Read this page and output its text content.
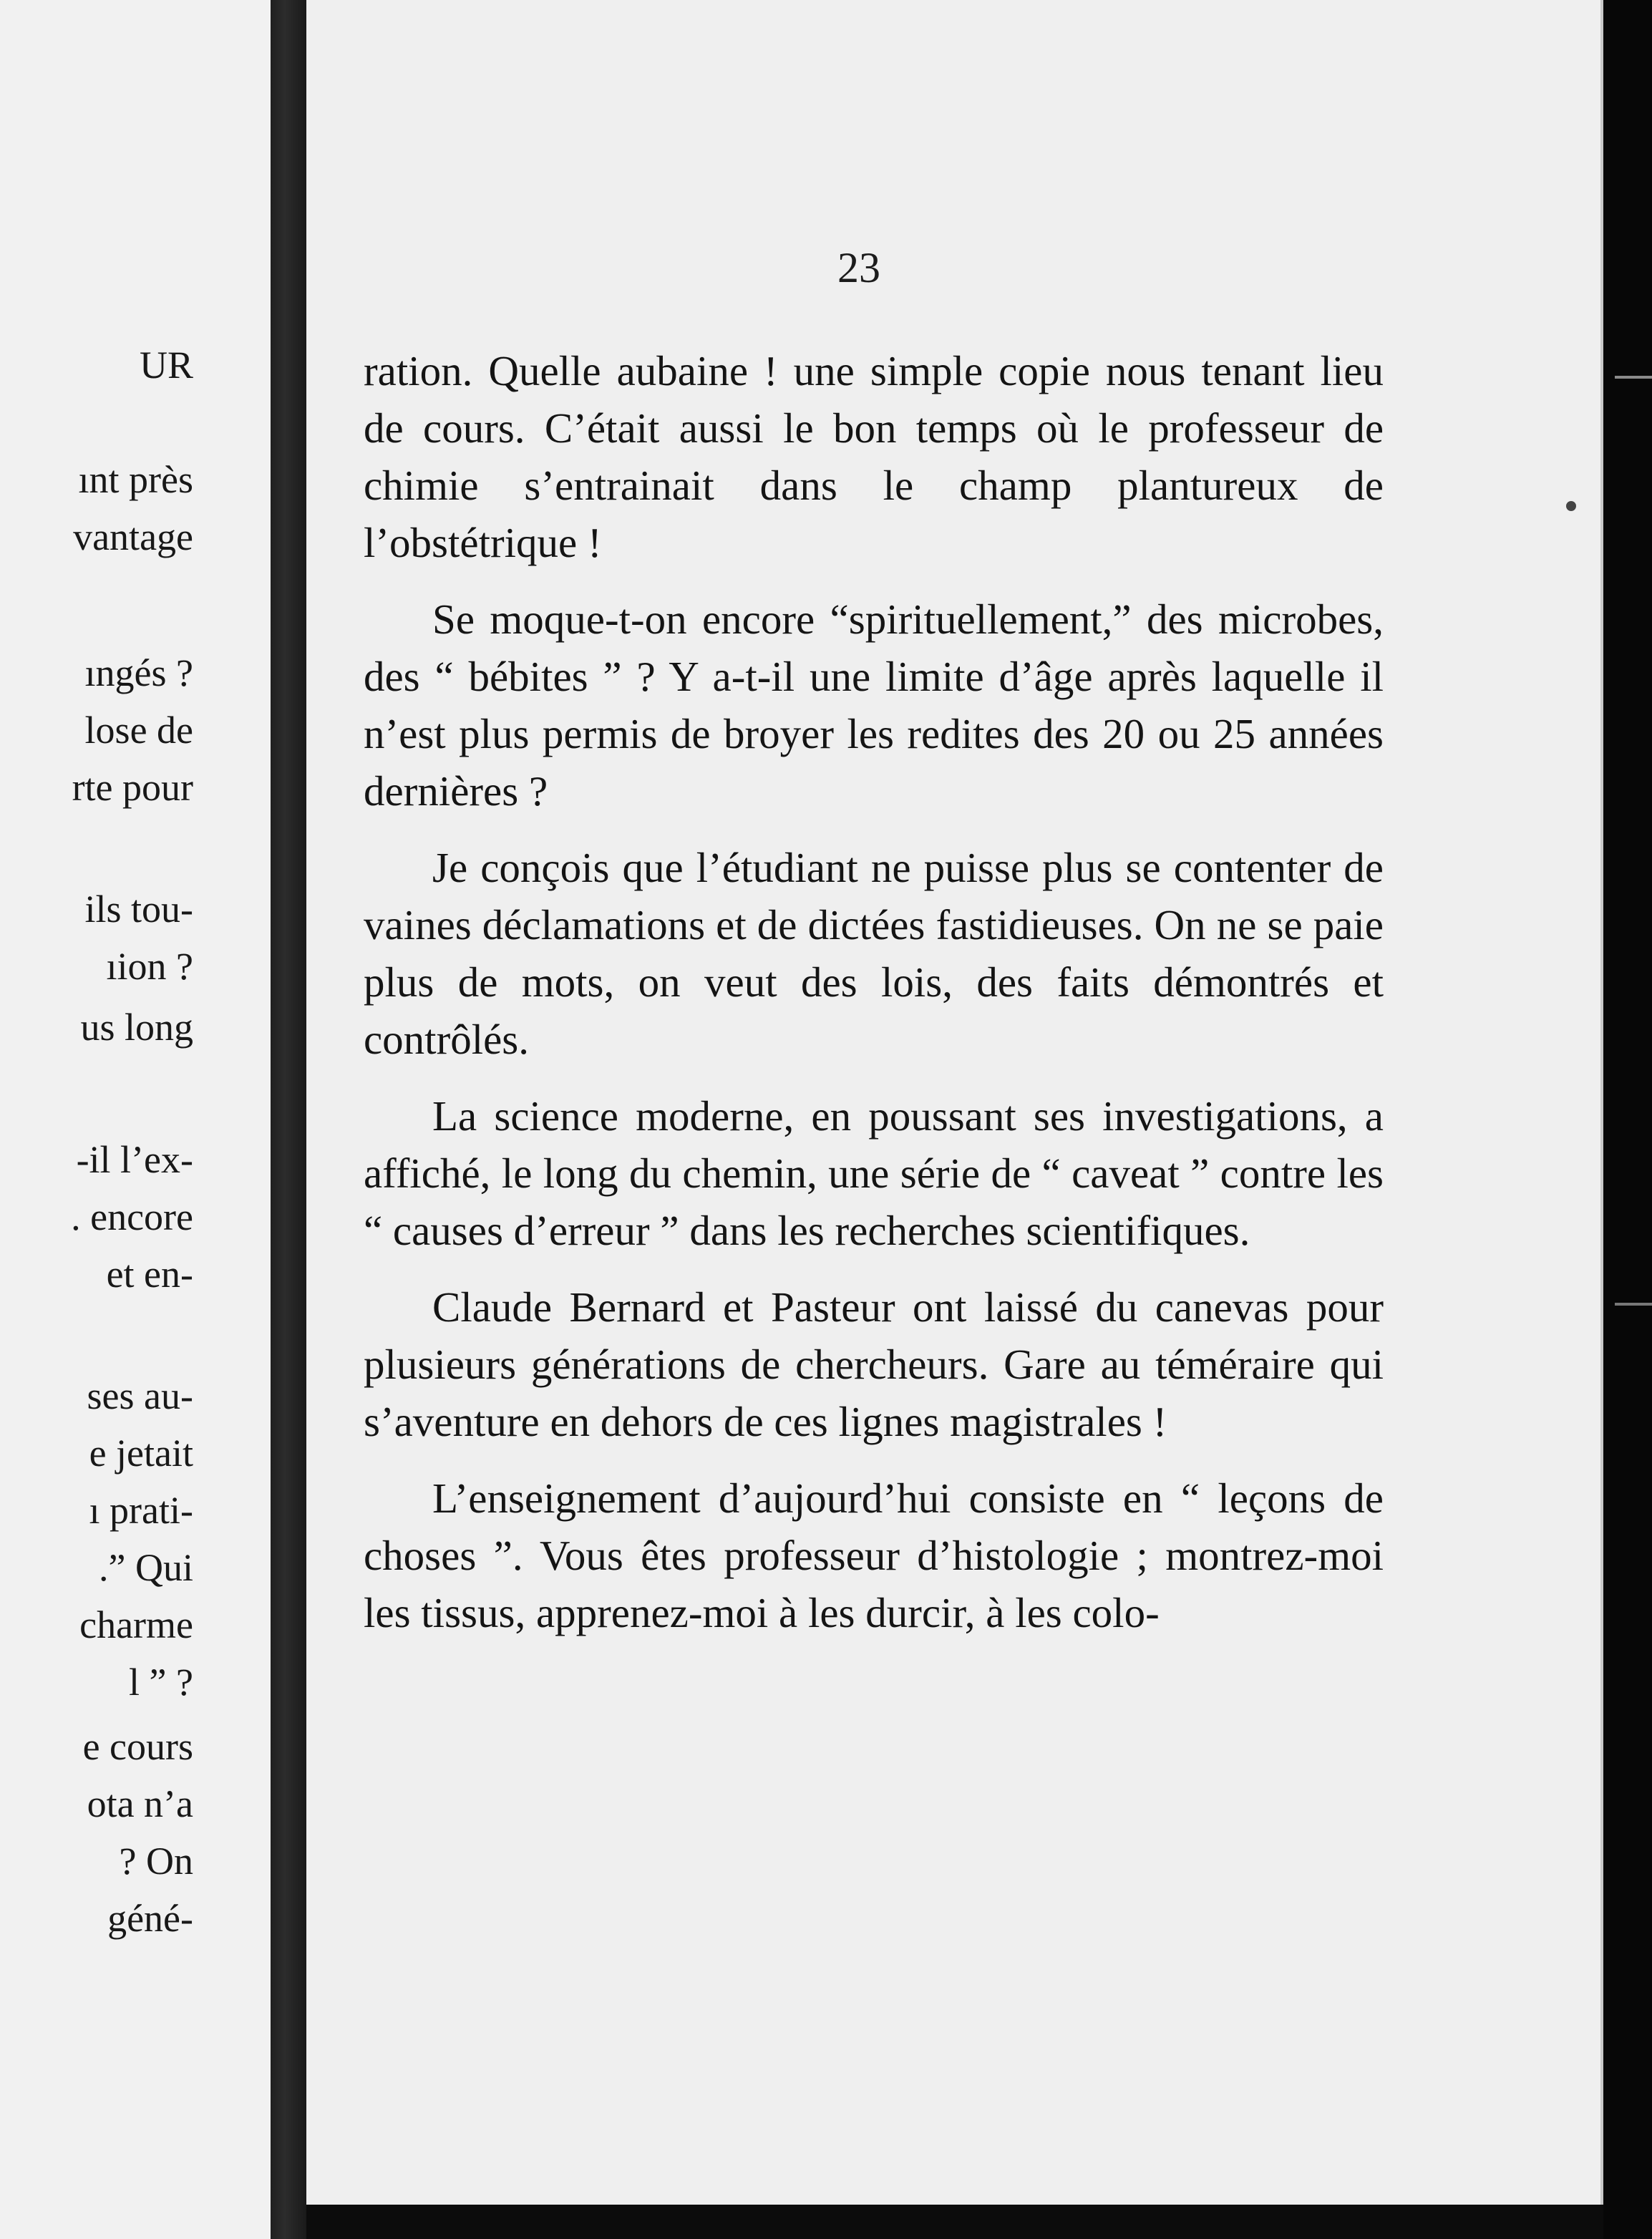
UR
ınt près
vantage
ıngés ?
lose de
rte pour
ils tou-
ıion ?
us long
-il l’ex-
. encore
et en-
ses au-
e jetait
ı prati-
.” Qui
charme
l ” ?
e cours
ota n’a
? On
géné-
23

ration. Quelle aubaine ! une simple copie nous tenant lieu de cours. C’était aussi le bon temps où le professeur de chimie s’entrainait dans le champ plantureux de l’obstétrique !

Se moque-t-on encore “spirituellement,” des microbes, des “ bébites ” ? Y a-t-il une limite d’âge après laquelle il n’est plus permis de broyer les redites des 20 ou 25 années dernières ?

Je conçois que l’étudiant ne puisse plus se contenter de vaines déclamations et de dictées fastidieuses. On ne se paie plus de mots, on veut des lois, des faits démontrés et contrôlés.

La science moderne, en poussant ses investigations, a affiché, le long du chemin, une série de “ caveat ” contre les “ causes d’erreur ” dans les recherches scientifiques.

Claude Bernard et Pasteur ont laissé du canevas pour plusieurs générations de chercheurs. Gare au téméraire qui s’aventure en dehors de ces lignes magistrales !

L’enseignement d’aujourd’hui consiste en “ leçons de choses ”. Vous êtes professeur d’histologie ; montrez-moi les tissus, apprenez-moi à les durcir, à les colo-
